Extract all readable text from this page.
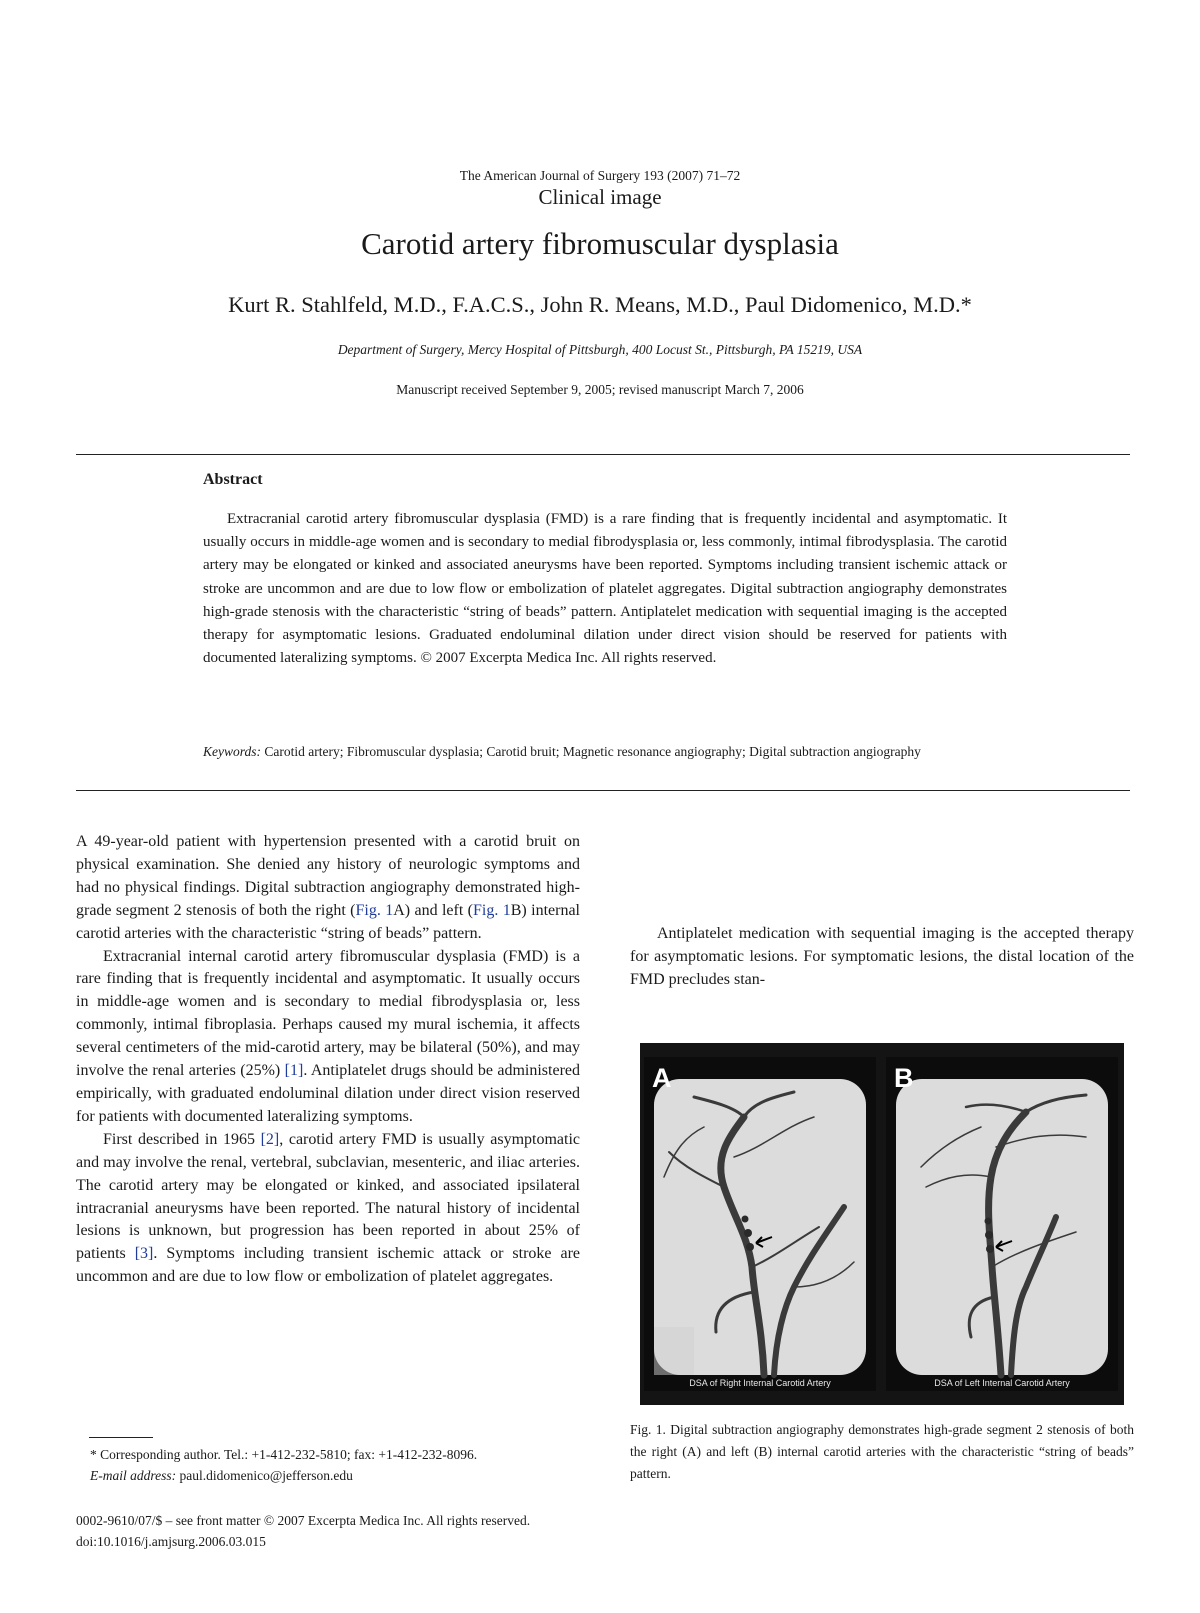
The American Journal of Surgery 193 (2007) 71–72
Clinical image
Carotid artery fibromuscular dysplasia
Kurt R. Stahlfeld, M.D., F.A.C.S., John R. Means, M.D., Paul Didomenico, M.D.*
Department of Surgery, Mercy Hospital of Pittsburgh, 400 Locust St., Pittsburgh, PA 15219, USA
Manuscript received September 9, 2005; revised manuscript March 7, 2006
Abstract

Extracranial carotid artery fibromuscular dysplasia (FMD) is a rare finding that is frequently incidental and asymptomatic. It usually occurs in middle-age women and is secondary to medial fibrodysplasia or, less commonly, intimal fibrodysplasia. The carotid artery may be elongated or kinked and associated aneurysms have been reported. Symptoms including transient ischemic attack or stroke are uncommon and are due to low flow or embolization of platelet aggregates. Digital subtraction angiography demonstrates high-grade stenosis with the characteristic “string of beads” pattern. Antiplatelet medication with sequential imaging is the accepted therapy for asymptomatic lesions. Graduated endoluminal dilation under direct vision should be reserved for patients with documented lateralizing symptoms. © 2007 Excerpta Medica Inc. All rights reserved.

Keywords: Carotid artery; Fibromuscular dysplasia; Carotid bruit; Magnetic resonance angiography; Digital subtraction angiography

A 49-year-old patient with hypertension presented with a carotid bruit on physical examination. She denied any history of neurologic symptoms and had no physical findings. Digital subtraction angiography demonstrated high-grade segment 2 stenosis of both the right (Fig. 1A) and left (Fig. 1B) internal carotid arteries with the characteristic “string of beads” pattern.

Extracranial internal carotid artery fibromuscular dysplasia (FMD) is a rare finding that is frequently incidental and asymptomatic. It usually occurs in middle-age women and is secondary to medial fibrodysplasia or, less commonly, intimal fibroplasia. Perhaps caused my mural ischemia, it affects several centimeters of the mid-carotid artery, may be bilateral (50%), and may involve the renal arteries (25%) [1]. Antiplatelet drugs should be administered empirically, with graduated endoluminal dilation under direct vision reserved for patients with documented lateralizing symptoms.

First described in 1965 [2], carotid artery FMD is usually asymptomatic and may involve the renal, vertebral, subclavian, mesenteric, and iliac arteries. The carotid artery may be elongated or kinked, and associated ipsilateral intracranial aneurysms have been reported. The natural history of incidental lesions is unknown, but progression has been reported in about 25% of patients [3]. Symptoms including transient ischemic attack or stroke are uncommon and are due to low flow or embolization of platelet aggregates.

* Corresponding author. Tel.: +1-412-232-5810; fax: +1-412-232-8096.
E-mail address: paul.didomenico@jefferson.edu
0002-9610/07/$ – see front matter © 2007 Excerpta Medica Inc. All rights reserved.
doi:10.1016/j.amjsurg.2006.03.015

Antiplatelet medication with sequential imaging is the accepted therapy for asymptomatic lesions. For symptomatic lesions, the distal location of the FMD precludes stan-

A
DSA of Right Internal Carotid Artery
B
DSA of Left Internal Carotid Artery

Fig. 1. Digital subtraction angiography demonstrates high-grade segment 2 stenosis of both the right (A) and left (B) internal carotid arteries with the characteristic “string of beads” pattern.
